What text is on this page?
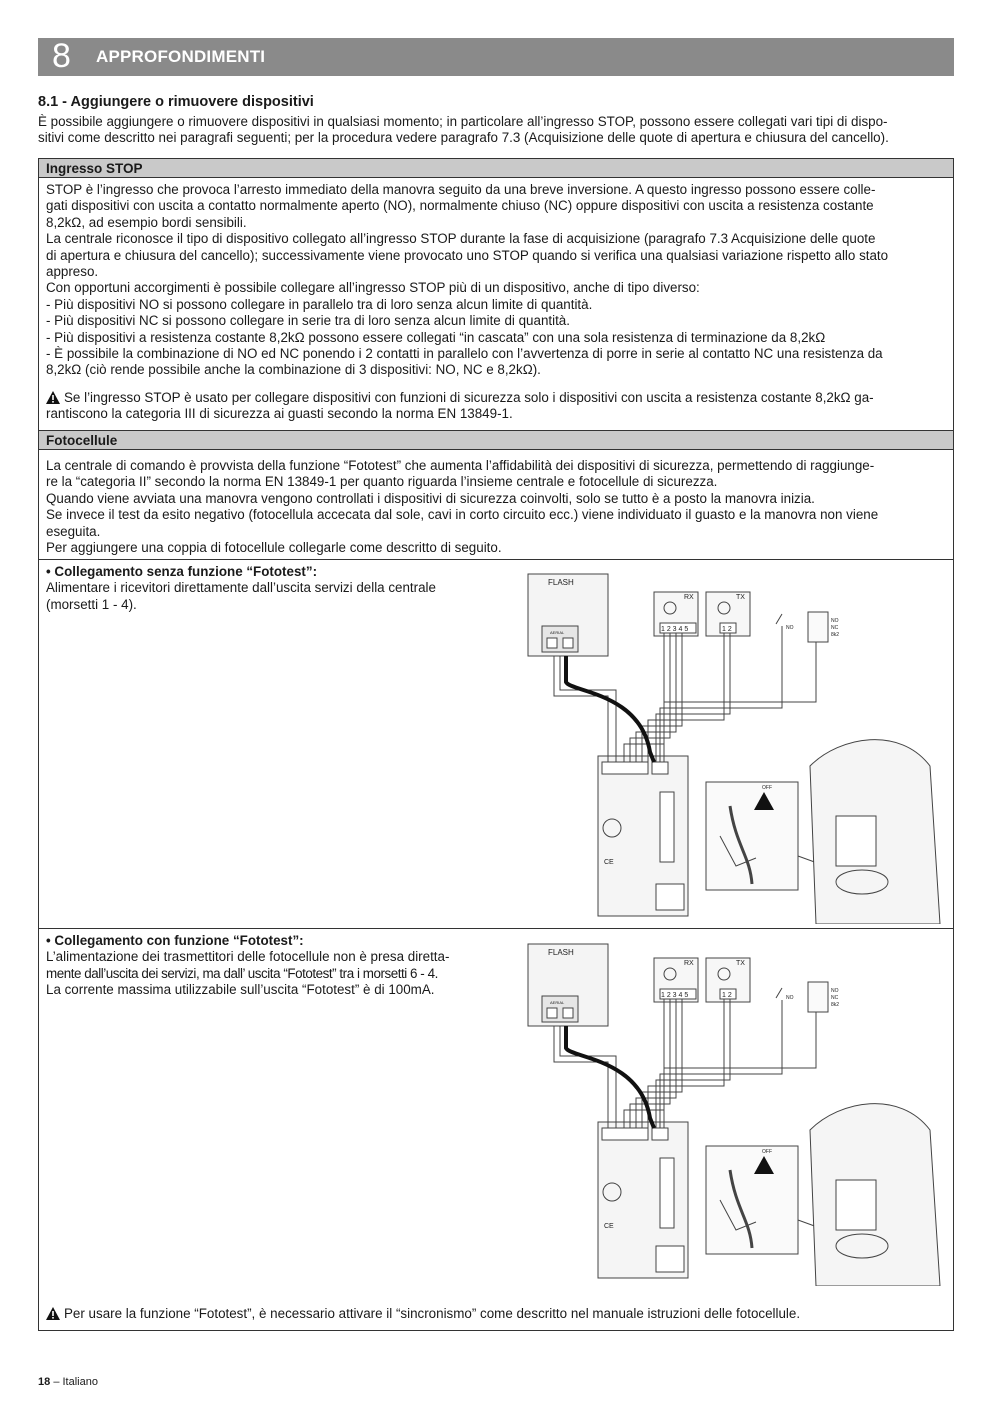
8 APPROFONDIMENTI
8.1 - Aggiungere o rimuovere dispositivi
È possibile aggiungere o rimuovere dispositivi in qualsiasi momento; in particolare all’ingresso STOP, possono essere collegati vari tipi di dispo-
sitivi come descritto nei paragrafi seguenti; per la procedura vedere paragrafo 7.3 (Acquisizione delle quote di apertura e chiusura del cancello).
Ingresso STOP
STOP è l’ingresso che provoca l’arresto immediato della manovra seguito da una breve inversione. A questo ingresso possono essere colle-
gati dispositivi con uscita a contatto normalmente aperto (NO), normalmente chiuso (NC) oppure dispositivi con uscita a resistenza costante
8,2kΩ, ad esempio bordi sensibili.
La centrale riconosce il tipo di dispositivo collegato all’ingresso STOP durante la fase di acquisizione (paragrafo 7.3 Acquisizione delle quote
di apertura e chiusura del cancello); successivamente viene provocato uno STOP quando si verifica una qualsiasi variazione rispetto allo stato
appreso.
Con opportuni accorgimenti è possibile collegare all’ingresso STOP più di un dispositivo, anche di tipo diverso:
- Più dispositivi NO si possono collegare in parallelo tra di loro senza alcun limite di quantità.
- Più dispositivi NC si possono collegare in serie tra di loro senza alcun limite di quantità.
- Più dispositivi a resistenza costante 8,2kΩ possono essere collegati “in cascata” con una sola resistenza di terminazione da 8,2kΩ
- È possibile la combinazione di NO ed NC ponendo i 2 contatti in parallelo con l’avvertenza di porre in serie al contatto NC una resistenza da
8,2kΩ (ciò rende possibile anche la combinazione di 3 dispositivi: NO, NC e 8,2kΩ).
Se l’ingresso STOP è usato per collegare dispositivi con funzioni di sicurezza solo i dispositivi con uscita a resistenza costante 8,2kΩ ga-
rantiscono la categoria III di sicurezza ai guasti secondo la norma EN 13849-1.
Fotocellule
La centrale di comando è provvista della funzione “Fototest” che aumenta l’affidabilità dei dispositivi di sicurezza, permettendo di raggiunge-
re la “categoria II” secondo la norma EN 13849-1 per quanto riguarda l’insieme centrale e fotocellule di sicurezza.
Quando viene avviata una manovra vengono controllati i dispositivi di sicurezza coinvolti, solo se tutto è a posto la manovra inizia.
Se invece il test da esito negativo (fotocellula accecata dal sole, cavi in corto circuito ecc.) viene individuato il guasto e la manovra non viene
eseguita.
Per aggiungere una coppia di fotocellule collegarle come descritto di seguito.
• Collegamento senza funzione “Fototest”:
Alimentare i ricevitori direttamente dall’uscita servizi della centrale
(morsetti 1 - 4).
• Collegamento con funzione “Fototest”:
L’alimentazione dei trasmettitori delle fotocellule non è presa diretta-
mente dall’uscita dei servizi, ma dall’ uscita “Fototest” tra i morsetti 6 - 4.
La corrente massima utilizzabile sull’uscita “Fototest” è di 100mA.
FLASH
AERIAL
RX	TX
1 2 3 4 5	1 2	NO
NO
NC
8k2
OFF
CE
FLASH
AERIAL
RX	TX
1 2 3 4 5	1 2	NO
NO
NC
8k2
OFF
CE
Per usare la funzione “Fototest”, è necessario attivare il “sincronismo” come descritto nel manuale istruzioni delle fotocellule.
18 – Italiano
